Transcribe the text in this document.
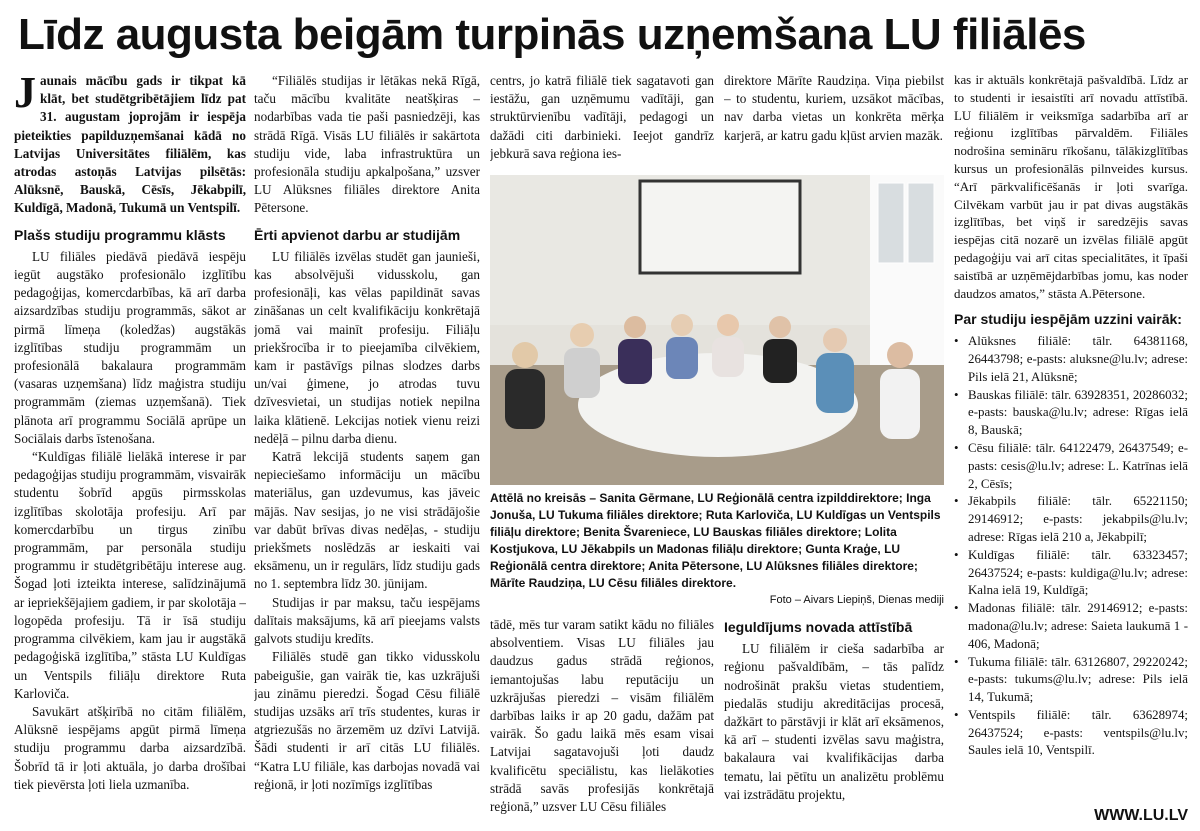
Līdz augusta beigām turpinās uzņemšana LU filiālēs

Jaunais mācību gads ir tikpat kā klāt, bet studētgribētājiem līdz pat 31. augustam joprojām ir iespēja pieteikties papilduzņemšanai kādā no Latvijas Universitātes filiālēm, kas atrodas astoņās Latvijas pilsētās: Alūksnē, Bauskā, Cēsīs, Jēkabpilī, Kuldīgā, Madonā, Tukumā un Ventspilī.

Plašs studiju programmu klāsts

LU filiāles piedāvā piedāvā iespēju iegūt augstāko profesionālo izglītību pedagoģijas, komercdarbības, kā arī darba aizsardzības studiju programmās, sākot ar pirmā līmeņa (koledžas) augstākās izglītības studiju programmām un profesionālā bakalaura programmām (vasaras uzņemšana) līdz maģistra studiju programmām (ziemas uzņemšanā). Tiek plānota arī programmu Sociālā aprūpe un Sociālais darbs īstenošana.

“Kuldīgas filiālē lielākā interese ir par pedagoģijas studiju programmām, visvairāk studentu šobrīd apgūs pirmsskolas izglītības skolotāja profesiju. Arī par komercdarbību un tirgus zinību programmām, par personāla studiju programmu ir studētgribētāju interese aug. Šogad ļoti izteikta interese, salīdzinājumā ar iepriekšējajiem gadiem, ir par skolotāja – logopēda profesiju. Tā ir īsā studiju programma cilvēkiem, kam jau ir augstākā pedagoģiskā izglītība,” stāsta LU Kuldīgas un Ventspils filiāļu direktore Ruta Karloviča.

Savukārt atšķirībā no citām filiālēm, Alūksnē iespējams apgūt pirmā līmeņa studiju programmu darba aizsardzībā. Šobrīd tā ir ļoti aktuāla, jo darba drošībai tiek pievērsta ļoti liela uzmanība.

“Filiālēs studijas ir lētākas nekā Rīgā, taču mācību kvalitāte neatšķiras – nodarbības vada tie paši pasniedzēji, kas strādā Rīgā. Visās LU filiālēs ir sakārtota studiju vide, laba infrastruktūra un profesionāla studiju apkalpošana,” uzsver LU Alūksnes filiāles direktore Anita Pētersone.

Ērti apvienot darbu ar studijām

LU filiālēs izvēlas studēt gan jaunieši, kas absolvējuši vidusskolu, gan profesionāļi, kas vēlas papildināt savas zināšanas un celt kvalifikāciju konkrētajā jomā vai mainīt profesiju. Filiāļu priekšrocība ir to pieejamība cilvēkiem, kam ir pastāvīgs pilnas slodzes darbs un/vai ģimene, jo atrodas tuvu dzīvesvietai, un studijas notiek nepilna laika klātienē. Lekcijas notiek vienu reizi nedēļā – pilnu darba dienu.

Katrā lekcijā students saņem gan nepieciešamo informāciju un mācību materiālus, gan uzdevumus, kas jāveic mājās. Nav sesijas, jo ne visi strādājošie var dabūt brīvas divas nedēļas, - studiju priekšmets noslēdzās ar ieskaiti vai eksāmenu, un ir regulārs, līdz studiju gads no 1. septembra līdz 30. jūnijam.

Studijas ir par maksu, taču iespējams dalītais maksājums, kā arī pieejams valsts galvots studiju kredīts.

Filiālēs studē gan tikko vidusskolu pabeigušie, gan vairāk tie, kas uzkrājuši jau zināmu pieredzi. Šogad Cēsu filiālē studijas uzsāks arī trīs studentes, kuras ir atgriezušās no ārzemēm uz dzīvi Latvijā. Šādi studenti ir arī citās LU filiālēs. “Katra LU filiāle, kas darbojas novadā vai reģionā, ir ļoti nozīmīgs izglītības

centrs, jo katrā filiālē tiek sagatavoti gan iestāžu, gan uzņēmumu vadītāji, gan struktūrvienību vadītāji, pedagogi un dažādi citi darbinieki. Ieejot gandrīz jebkurā sava reģiona ies-

direktore Mārīte Raudziņa. Viņa piebilst – to studentu, kuriem, uzsākot mācības, nav darba vietas un konkrēta mērķa karjerā, ar katru gadu kļūst arvien mazāk.

Attēlā no kreisās – Sanita Gērmane, LU Reģionālā centra izpilddirektore; Inga Jonuša, LU Tukuma filiāles direktore; Ruta Karloviča, LU Kuldīgas un Ventspils filiāļu direktore; Benita Švareniece, LU Bauskas filiāles direktore; Lolita Kostjukova, LU Jēkabpils un Madonas filiāļu direktore; Gunta Kraģe, LU Reģionālā centra direktore; Anita Pētersone, LU Alūksnes filiāles direktore; Mārīte Raudziņa, LU Cēsu filiāles direktore.
Foto – Aivars Liepiņš, Dienas mediji

tādē, mēs tur varam satikt kādu no filiāles absolventiem. Visas LU filiāles jau daudzus gadus strādā reģionos, iemantojušas labu reputāciju un uzkrājušas pieredzi – visām filiālēm darbības laiks ir ap 20 gadu, dažām pat vairāk. Šo gadu laikā mēs esam visai Latvijai sagatavojuši ļoti daudz kvalificētu speciālistu, kas lielākoties strādā savās profesijās konkrētajā reģionā,” uzsver LU Cēsu filiāles

Ieguldījums novada attīstībā

LU filiālēm ir cieša sadarbība ar reģionu pašvaldībām, – tās palīdz nodrošināt prakšu vietas studentiem, piedalās studiju akreditācijas procesā, dažkārt to pārstāvji ir klāt arī eksāmenos, kā arī – studenti izvēlas savu maģistra, bakalaura vai kvalifikācijas darba tematu, lai pētītu un analizētu problēmu vai izstrādātu projektu,

kas ir aktuāls konkrētajā pašvaldībā. Līdz ar to studenti ir iesaistīti arī novadu attīstībā. LU filiālēm ir veiksmīga sadarbība arī ar reģionu izglītības pārvaldēm. Filiāles nodrošina semināru rīkošanu, tālākizglītības kursus un profesionālās pilnveides kursus. “Arī pārkvalificēšanās ir ļoti svarīga. Cilvēkam varbūt jau ir pat divas augstākās izglītības, bet viņš ir saredzējis savas iespējas citā nozarē un izvēlas filiālē apgūt pedagoģiju vai arī citas specialitātes, it īpaši saistībā ar uzņēmējdarbības jomu, kas noder daudzos amatos,” stāsta A.Pētersone.

Par studiju iespējām uzzini vairāk:
• Alūksnes filiālē: tālr. 64381168, 26443798; e-pasts: aluksne@lu.lv; adrese: Pils ielā 21, Alūksnē;
• Bauskas filiālē: tālr. 63928351, 20286032; e-pasts: bauska@lu.lv; adrese: Rīgas ielā 8, Bauskā;
• Cēsu filiālē: tālr. 64122479, 26437549; e-pasts: cesis@lu.lv; adrese: L. Katrīnas ielā 2, Cēsīs;
• Jēkabpils filiālē: tālr. 65221150; 29146912; e-pasts: jekabpils@lu.lv; adrese: Rīgas ielā 210 a, Jēkabpilī;
• Kuldīgas filiālē: tālr. 63323457; 26437524; e-pasts: kuldiga@lu.lv; adrese: Kalna ielā 19, Kuldīgā;
• Madonas filiālē: tālr. 29146912; e-pasts: madona@lu.lv; adrese: Saieta laukumā 1 - 406, Madonā;
• Tukuma filiālē: tālr. 63126807, 29220242; e-pasts: tukums@lu.lv; adrese: Pils ielā 14, Tukumā;
• Ventspils filiālē: tālr. 63628974; 26437524; e-pasts: ventspils@lu.lv; Saules ielā 10, Ventspilī.
WWW.LU.LV
